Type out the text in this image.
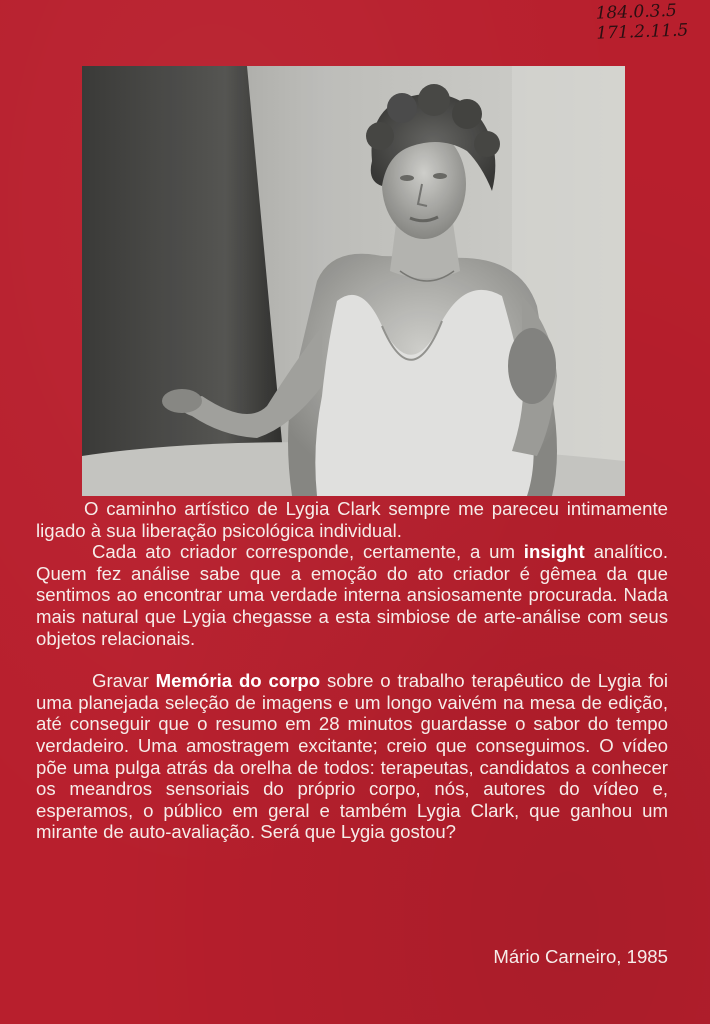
184.0.3.5
171.2.11.5

O caminho artístico de Lygia Clark sempre me pareceu intimamente ligado à sua liberação psicológica individual.

Cada ato criador corresponde, certamente, a um insight analítico. Quem fez análise sabe que a emoção do ato criador é gêmea da que sentimos ao encontrar uma verdade interna ansiosamente procurada. Nada mais natural que Lygia chegasse a esta simbiose de arte-análise com seus objetos relacionais.

Gravar Memória do corpo sobre o trabalho terapêutico de Lygia foi uma planejada seleção de imagens e um longo vaivém na mesa de edição, até conseguir que o resumo em 28 minutos guardasse o sabor do tempo verdadeiro. Uma amostragem excitante; creio que conseguimos. O vídeo põe uma pulga atrás da orelha de todos: terapeutas, candidatos a conhecer os meandros sensoriais do próprio corpo, nós, autores do vídeo e, esperamos, o público em geral e também Lygia Clark, que ganhou um mirante de auto-avaliação. Será que Lygia gostou?

Mário Carneiro, 1985
